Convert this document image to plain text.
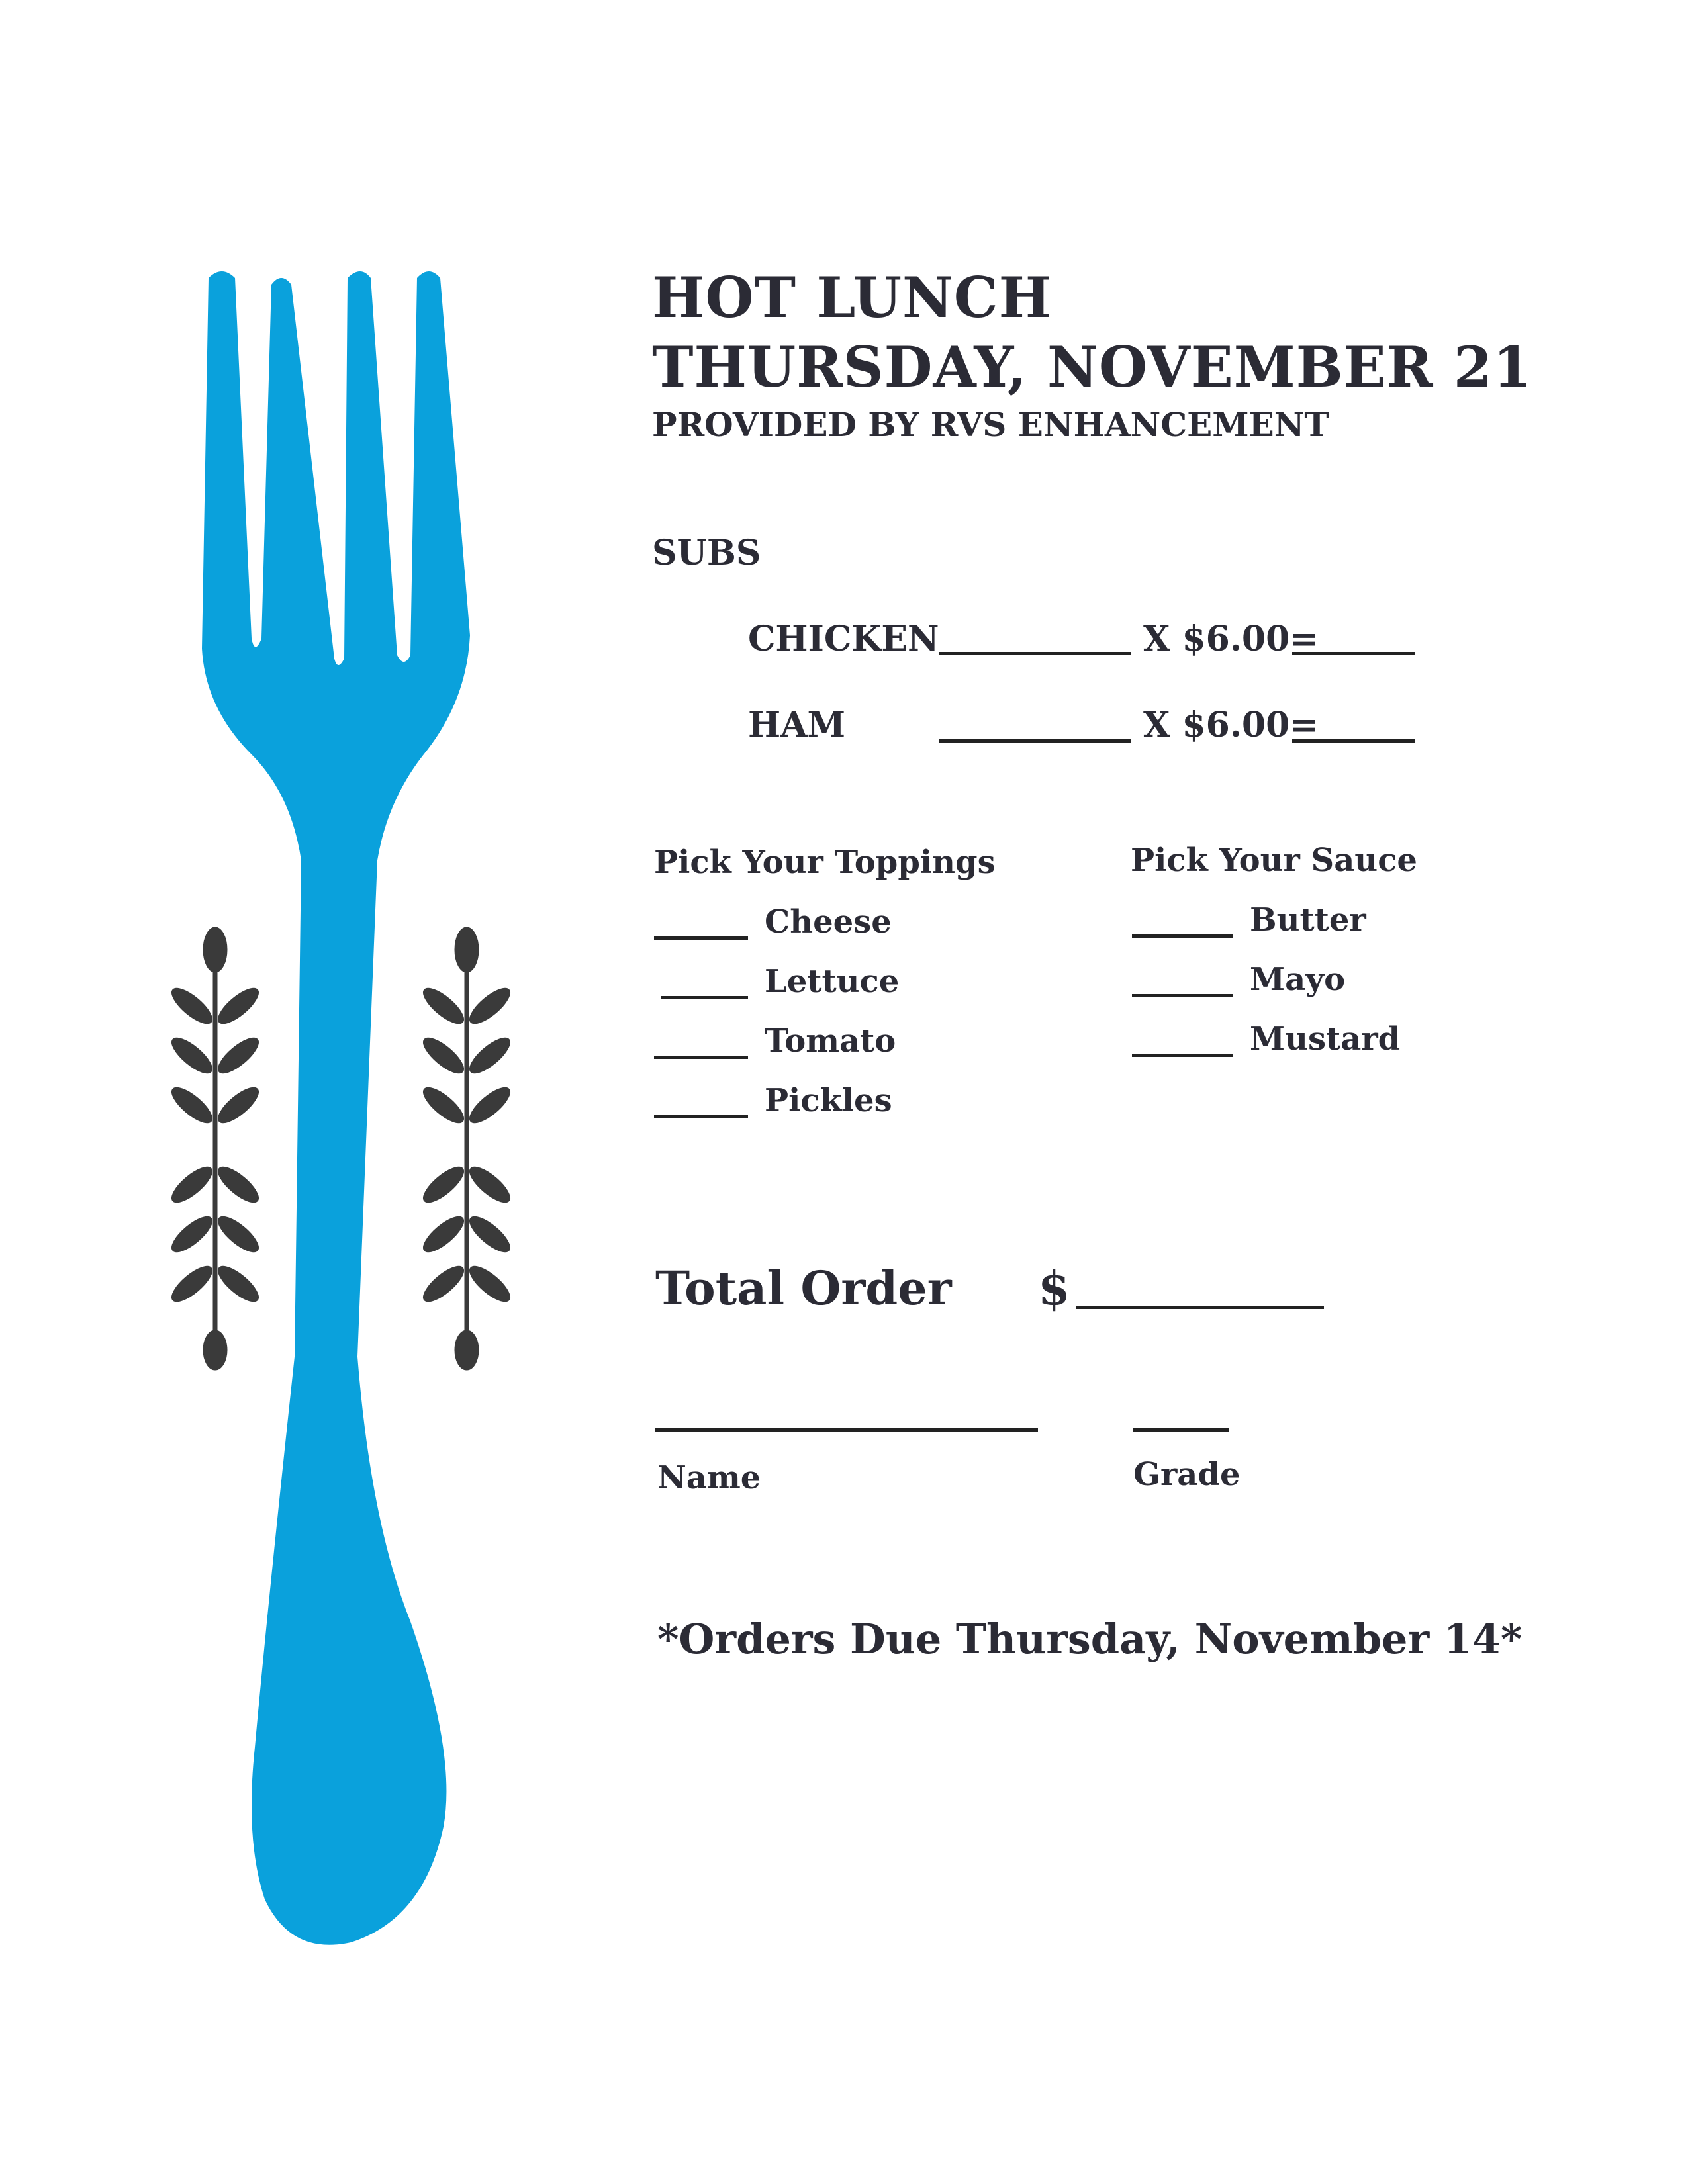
HOT LUNCH
THURSDAY, NOVEMBER 21
PROVIDED BY RVS ENHANCEMENT
SUBS
CHICKEN	X $6.00=
HAM	X $6.00=
Pick Your Toppings
Cheese
Lettuce
Tomato
Pickles
Pick Your Sauce
Butter
Mayo
Mustard
Total Order $
Name	Grade
*Orders Due Thursday, November 14*
